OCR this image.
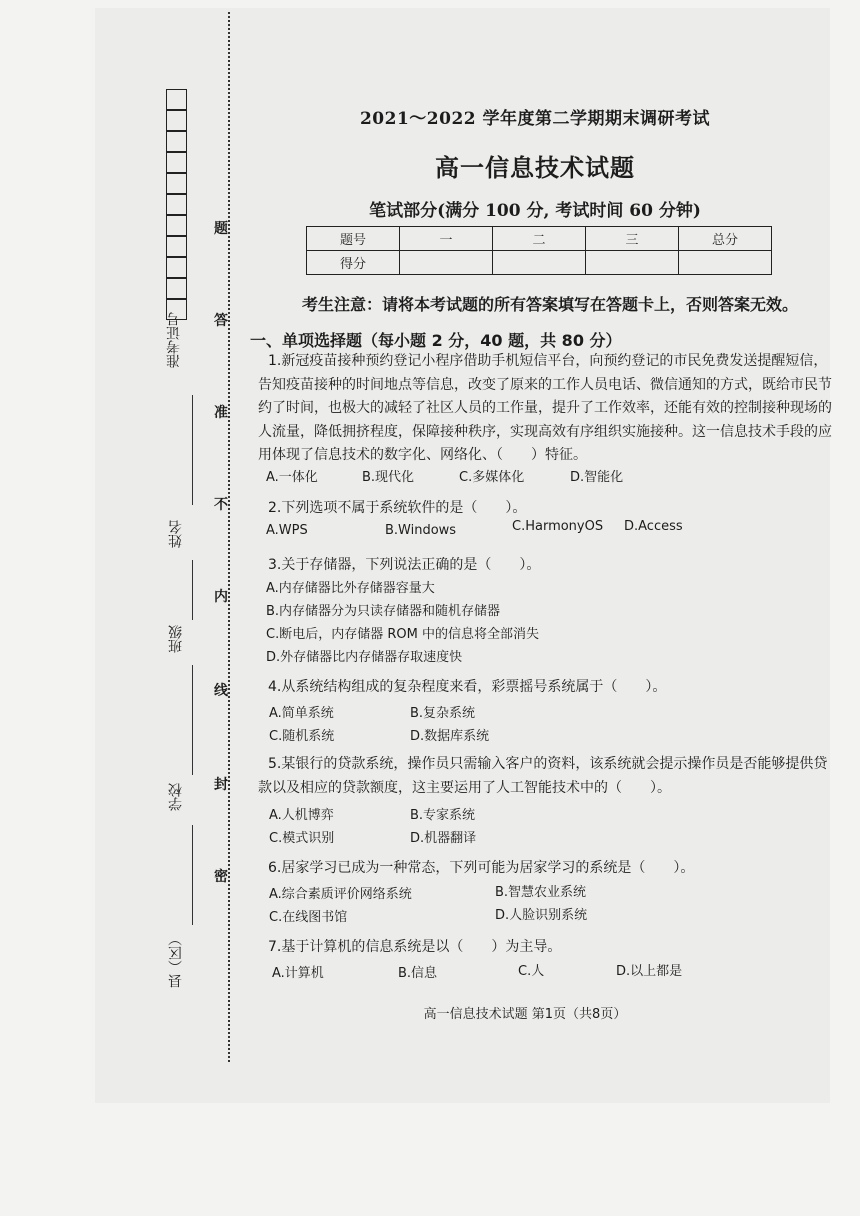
准考证号
姓名
班级
学校
县（区）
题
答
准
不
内
线
封
密
2021～2022 学年度第二学期期末调研考试
高一信息技术试题
笔试部分(满分 100 分, 考试时间 60 分钟)
题号	一	二	三	总分
得分				
考生注意：请将本考试题的所有答案填写在答题卡上，否则答案无效。
一、单项选择题（每小题 2 分，40 题，共 80 分）
1.新冠疫苗接种预约登记小程序借助手机短信平台，向预约登记的市民免费发送提醒短信，告知疫苗接种的时间地点等信息，改变了原来的工作人员电话、微信通知的方式，既给市民节约了时间，也极大的减轻了社区人员的工作量，提升了工作效率，还能有效的控制接种现场的人流量，降低拥挤程度，保障接种秩序，实现高效有序组织实施接种。这一信息技术手段的应用体现了信息技术的数字化、网络化、（　　）特征。
A.一体化	B.现代化	C.多媒体化	D.智能化
2.下列选项不属于系统软件的是（　　）。
A.WPS	B.Windows	C.HarmonyOS D.Access
3.关于存储器，下列说法正确的是（　　）。
A.内存储器比外存储器容量大
B.内存储器分为只读存储器和随机存储器
C.断电后，内存储器 ROM 中的信息将全部消失
D.外存储器比内存储器存取速度快
4.从系统结构组成的复杂程度来看，彩票摇号系统属于（　　）。
A.简单系统	B.复杂系统
C.随机系统	D.数据库系统
5.某银行的贷款系统，操作员只需输入客户的资料，该系统就会提示操作员是否能够提供贷款以及相应的贷款额度，这主要运用了人工智能技术中的（　　）。
A.人机博弈	B.专家系统
C.模式识别	D.机器翻译
6.居家学习已成为一种常态，下列可能为居家学习的系统是（　　）。
A.综合素质评价网络系统	B.智慧农业系统
C.在线图书馆	D.人脸识别系统
7.基于计算机的信息系统是以（　　）为主导。
A.计算机	B.信息	C.人	D.以上都是
高一信息技术试题 第1页（共8页）
